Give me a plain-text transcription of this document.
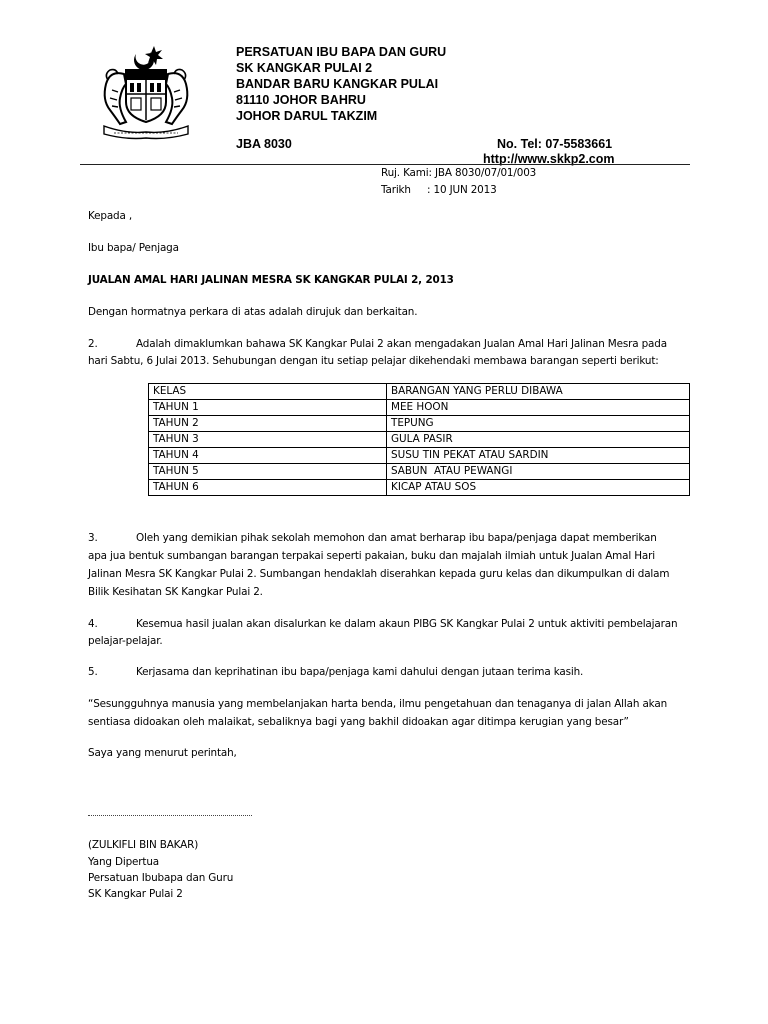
PERSATUAN IBU BAPA DAN GURU
SK KANGKAR PULAI 2
BANDAR BARU KANGKAR PULAI
81110 JOHOR BAHRU
JOHOR DARUL TAKZIM
JBA 8030	No. Tel: 07-5583661
http://www.skkp2.com
Ruj. Kami: JBA 8030/07/01/003
Tarikh : 10 JUN 2013
Kepada ,
Ibu bapa/ Penjaga
JUALAN AMAL HARI JALINAN MESRA SK KANGKAR PULAI 2, 2013
Dengan hormatnya perkara di atas adalah dirujuk dan berkaitan.
2.	Adalah dimaklumkan bahawa SK Kangkar Pulai 2 akan mengadakan Jualan Amal Hari Jalinan Mesra pada
hari Sabtu, 6 Julai 2013. Sehubungan dengan itu setiap pelajar dikehendaki membawa barangan seperti berikut:
KELAS	BARANGAN YANG PERLU DIBAWA
TAHUN 1	MEE HOON
TAHUN 2	TEPUNG
TAHUN 3	GULA PASIR
TAHUN 4	SUSU TIN PEKAT ATAU SARDIN
TAHUN 5	SABUN  ATAU PEWANGI
TAHUN 6	KICAP ATAU SOS
3.	Oleh yang demikian pihak sekolah memohon dan amat berharap ibu bapa/penjaga dapat memberikan
apa jua bentuk sumbangan barangan terpakai seperti pakaian, buku dan majalah ilmiah untuk Jualan Amal Hari
Jalinan Mesra SK Kangkar Pulai 2. Sumbangan hendaklah diserahkan kepada guru kelas dan dikumpulkan di dalam
Bilik Kesihatan SK Kangkar Pulai 2.
4.	Kesemua hasil jualan akan disalurkan ke dalam akaun PIBG SK Kangkar Pulai 2 untuk aktiviti pembelajaran
pelajar-pelajar.
5.	Kerjasama dan keprihatinan ibu bapa/penjaga kami dahului dengan jutaan terima kasih.
“Sesungguhnya manusia yang membelanjakan harta benda, ilmu pengetahuan dan tenaganya di jalan Allah akan
sentiasa didoakan oleh malaikat, sebaliknya bagi yang bakhil didoakan agar ditimpa kerugian yang besar”
Saya yang menurut perintah,
(ZULKIFLI BIN BAKAR)
Yang Dipertua
Persatuan Ibubapa dan Guru
SK Kangkar Pulai 2
